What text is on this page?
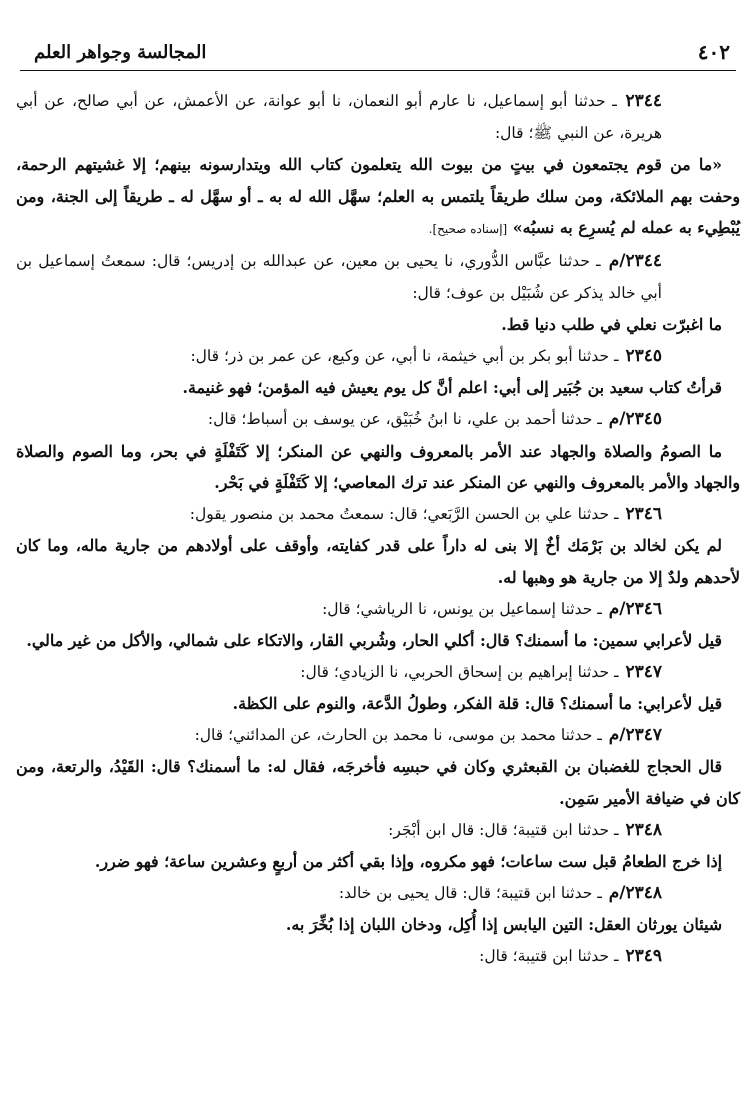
٤٠٢
المجالسة وجواهر العلم

٢٣٤٤ ـ حدثنا أبو إسماعيل، نا عارم أبو النعمان، نا أبو عوانة، عن الأعمش، عن أبي صالح، عن أبي هريرة، عن النبي ﷺ؛ قال:

«ما من قوم يجتمعون في بيتٍ من بيوت الله يتعلمون كتاب الله ويتدارسونه بينهم؛ إلا غشيتهم الرحمة، وحفت بهم الملائكة، ومن سلك طريقاً يلتمس به العلم؛ سهَّل الله له به ـ أو سهَّل له ـ طريقاً إلى الجنة، ومن يُبْطِيء به عمله لم يُسرِع به نسبُه» [إسناده صحيح].

٢٣٤٤/م ـ حدثنا عبَّاس الدُّوري، نا يحيى بن معين، عن عبدالله بن إدريس؛ قال: سمعتُ إسماعيل بن أبي خالد يذكر عن شُبَيْل بن عوف؛ قال:

ما اغبرّت نعلي في طلب دنيا قط.

٢٣٤٥ ـ حدثنا أبو بكر بن أبي خيثمة، نا أبي، عن وكيع، عن عمر بن ذر؛ قال:

قرأتُ كتاب سعيد بن جُبَير إلى أبي: اعلم أنَّ كل يوم يعيش فيه المؤمن؛ فهو غنيمة.

٢٣٤٥/م ـ حدثنا أحمد بن علي، نا ابنُ خُبَيْق، عن يوسف بن أسباط؛ قال:

ما الصومُ والصلاة والجهاد عند الأمر بالمعروف والنهي عن المنكر؛ إلا كَتَفْلَةٍ في بحر، وما الصوم والصلاة والجهاد والأمر بالمعروف والنهي عن المنكر عند ترك المعاصي؛ إلا كَتَفْلَةٍ في بَحْر.

٢٣٤٦ ـ حدثنا علي بن الحسن الرَّبَعي؛ قال: سمعتُ محمد بن منصور يقول:

لم يكن لخالد بن بَرْمَك أخٌ إلا بنى له داراً على قدر كفايته، وأوقف على أولادهم من جارية ماله، وما كان لأحدهم ولدٌ إلا من جارية هو وهبها له.

٢٣٤٦/م ـ حدثنا إسماعيل بن يونس، نا الرياشي؛ قال:

قيل لأعرابي سمين: ما أسمنك؟ قال: أكلي الحار، وشُربي القار، والاتكاء على شمالي، والأكل من غير مالي.

٢٣٤٧ ـ حدثنا إبراهيم بن إسحاق الحربي، نا الزيادي؛ قال:

قيل لأعرابي: ما أسمنك؟ قال: قلة الفكر، وطولُ الدَّعة، والنوم على الكظة.

٢٣٤٧/م ـ حدثنا محمد بن موسى، نا محمد بن الحارث، عن المدائني؛ قال:

قال الحجاج للغضبان بن القبعثري وكان في حبسِه فأخرجَه، فقال له: ما أسمنك؟ قال: القَيْدُ، والرتعة، ومن كان في ضيافة الأمير سَمِن.

٢٣٤٨ ـ حدثنا ابن قتيبة؛ قال: قال ابن أبْجَر:

إذا خرج الطعامُ قبل ست ساعات؛ فهو مكروه، وإذا بقي أكثر من أربعٍ وعشرين ساعة؛ فهو ضرر.

٢٣٤٨/م ـ حدثنا ابن قتيبة؛ قال: قال يحيى بن خالد:

شيئان يورثان العقل: التين اليابس إذا أُكِل، ودخان اللبان إذا بُخِّرَ به.

٢٣٤٩ ـ حدثنا ابن قتيبة؛ قال:
